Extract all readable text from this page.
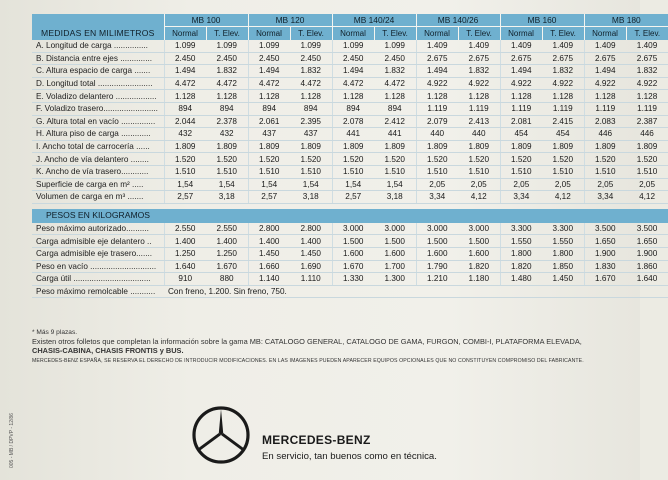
	MB 100		MB 120		MB 140/24		MB 140/26		MB 160		MB 180	
MEDIDAS EN MILIMETROS	Normal	T. Elev.	Normal	T. Elev.	Normal	T. Elev.	Normal	T. Elev.	Normal	T. Elev.	Normal	T. Elev.
A. Longitud de carga ...............	1.099	1.099	1.099	1.099	1.099	1.099	1.409	1.409	1.409	1.409	1.409	1.409
B. Distancia entre ejes ..............	2.450	2.450	2.450	2.450	2.450	2.450	2.675	2.675	2.675	2.675	2.675	2.675
C. Altura espacio de carga .......	1.494	1.832	1.494	1.832	1.494	1.832	1.494	1.832	1.494	1.832	1.494	1.832
D. Longitud total ........................	4.472	4.472	4.472	4.472	4.472	4.472	4.922	4.922	4.922	4.922	4.922	4.922
E. Voladizo delantero ..................	1.128	1.128	1.128	1.128	1.128	1.128	1.128	1.128	1.128	1.128	1.128	1.128
F. Voladizo trasero........................	894	894	894	894	894	894	1.119	1.119	1.119	1.119	1.119	1.119
G. Altura total en vacío ...............	2.044	2.378	2.061	2.395	2.078	2.412	2.079	2.413	2.081	2.415	2.083	2.387
H. Altura piso de carga .............	432	432	437	437	441	441	440	440	454	454	446	446
I. Ancho total de carrocería ......	1.809	1.809	1.809	1.809	1.809	1.809	1.809	1.809	1.809	1.809	1.809	1.809
J. Ancho de vía delantero ........	1.520	1.520	1.520	1.520	1.520	1.520	1.520	1.520	1.520	1.520	1.520	1.520
K. Ancho de vía trasero............	1.510	1.510	1.510	1.510	1.510	1.510	1.510	1.510	1.510	1.510	1.510	1.510
Superficie de carga en m² .....	1,54	1,54	1,54	1,54	1,54	1,54	2,05	2,05	2,05	2,05	2,05	2,05
Volumen de carga en m³ .......	2,57	3,18	2,57	3,18	2,57	3,18	3,34	4,12	3,34	4,12	3,34	4,12

PESOS EN KILOGRAMOS												
Peso máximo autorizado..........	2.550	2.550	2.800	2.800	3.000	3.000	3.000	3.000	3.300	3.300	3.500	3.500
Carga admisible eje delantero ..	1.400	1.400	1.400	1.400	1.500	1.500	1.500	1.500	1.550	1.550	1.650	1.650
Carga admisible eje trasero.......	1.250	1.250	1.450	1.450	1.600	1.600	1.600	1.600	1.800	1.800	1.900	1.900
Peso en vacío .............................	1.640	1.670	1.660	1.690	1.670	1.700	1.790	1.820	1.820	1.850	1.830	1.860
Carga útil ..................................	910	880	1.140	1.110	1.330	1.300	1.210	1.180	1.480	1.450	1.670	1.640
Peso máximo remolcable ...........	Con freno, 1.200. Sin freno, 750.											
* Más 9 plazas.
Existen otros folletos que completan la información sobre la gama MB: CATALOGO GENERAL, CATALOGO DE GAMA, FURGON, COMBI-I, PLATAFORMA ELEVADA,
CHASIS-CABINA, CHASIS FRONTIS y BUS.
MERCEDES-BENZ ESPAÑA, SE RESERVA EL DERECHO DE INTRODUCIR MODIFICACIONES. EN LAS IMAGENES PUEDEN APARECER EQUIPOS OPCIONALES QUE NO CONSTITUYEN COMPROMISO DEL FABRICANTE.
005 - MB / DPVP - 12/86	MERCEDES-BENZ
En servicio, tan buenos como en técnica.
